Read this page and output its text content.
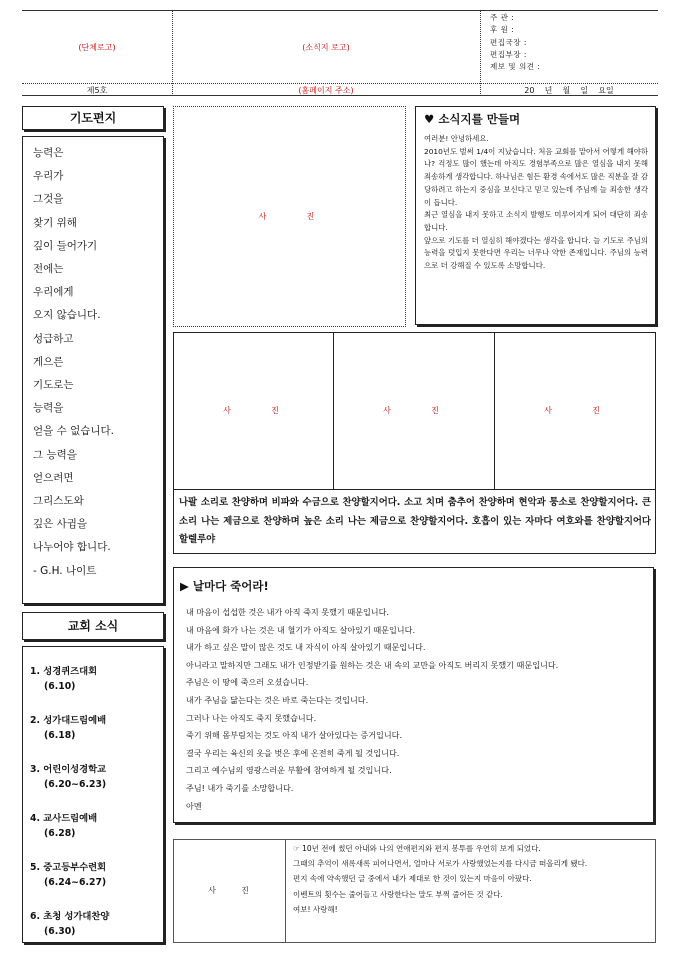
(단체로고)	(소식지 로고)
주 관 :
후 원 :
편집국장 :
편집부장 :
제보 및 의견 :
제5호	(홈페이지 주소)	20    년    월    일    요일
기도편지
능력은
우리가
그것을
찾기 위해
깊이 들어가기
전에는
우리에게
오지 않습니다.
성급하고
게으른
기도로는
능력을
얻을 수 없습니다.
그 능력을
얻으려면
그리스도와
깊은 사귐을
나누어야 합니다.
- G.H. 나이트
교회 소식
1. 성경퀴즈대회
(6.10)
2. 성가대드림예배
(6.18)
3. 어린이성경학교
(6.20~6.23)
4. 교사드림예배
(6.28)
5. 중고등부수련회
(6.24~6.27)
6. 초청 성가대찬양
(6.30)
사    진
♥ 소식지를 만들며
여러분! 안녕하세요.
2010년도 벌써 1/4이 지났습니다. 처음 교회를 맡아서 어떻게 해야하나? 걱정도 많이 했는데 아직도 경험부족으로 많은 열심을 내지 못해 죄송하게 생각합니다. 하나님은 힘든 환경 속에서도 많은 직분을 잘 감당하려고 하는지 중심을 보신다고 믿고 있는데 주님께 늘 죄송한 생각이 듭니다.
최근 열심을 내지 못하고 소식지 발행도 미루어지게 되어 대단히 죄송합니다.
앞으로 기도를 더 열심히 해야겠다는 생각을 합니다. 늘 기도로 주님의 능력을 덧입지 못한다면 우리는 너무나 약한 존재입니다. 주님의 능력으로 더 강해질 수 있도록 소망합니다.
사    진	사    진	사    진
나팔 소리로 찬양하며 비파와 수금으로 찬양할지어다. 소고 치며 춤추어 찬양하며 현악과 퉁소로 찬양할지어다. 큰 소리 나는 제금으로 찬양하며 높은 소리 나는 제금으로 찬양할지어다. 호흡이 있는 자마다 여호와를 찬양할지어다 할렐루야
▶ 날마다 죽어라!
내 마음이 섭섭한 것은 내가 아직 죽지 못했기 때문입니다.
내 마음에 화가 나는 것은 내 혈기가 아직도 살아있기 때문입니다.
내가 하고 싶은 말이 많은 것도 내 자식이 아직 살아있기 때문입니다.
아니라고 말하지만 그래도 내가 인정받기를 원하는 것은 내 속의 교만을 아직도 버리지 못했기 때문입니다.
주님은 이 땅에 죽으러 오셨습니다.
내가 주님을 닮는다는 것은 바로 죽는다는 것입니다.
그러나 나는 아직도 죽지 못했습니다.
죽기 위해 몸부림치는 것도 아직 내가 살아있다는 증거입니다.
결국 우리는 육신의 옷을 벗은 후에 온전히 죽게 될 것입니다.
그리고 예수님의 영광스러운 부활에 참여하게 될 것입니다.
주님! 내가 죽기를 소망합니다.
아멘
사    진
☞ 10년 전에 썼던 아내와 나의 연애편지와 편지 봉투를 우연히 보게 되었다.
그때의 추억이 새록새록 피어나면서, 얼마나 서로가 사랑했었는지를 다시금 떠올리게 됐다.
편지 속에 약속했던 글 중에서 내가 제대로 한 것이 있는지 마음이 아팠다.
이벤트의 횟수는 줄어들고 사랑한다는 말도 부쩍 줄어든 것 같다.
여보! 사랑해!
